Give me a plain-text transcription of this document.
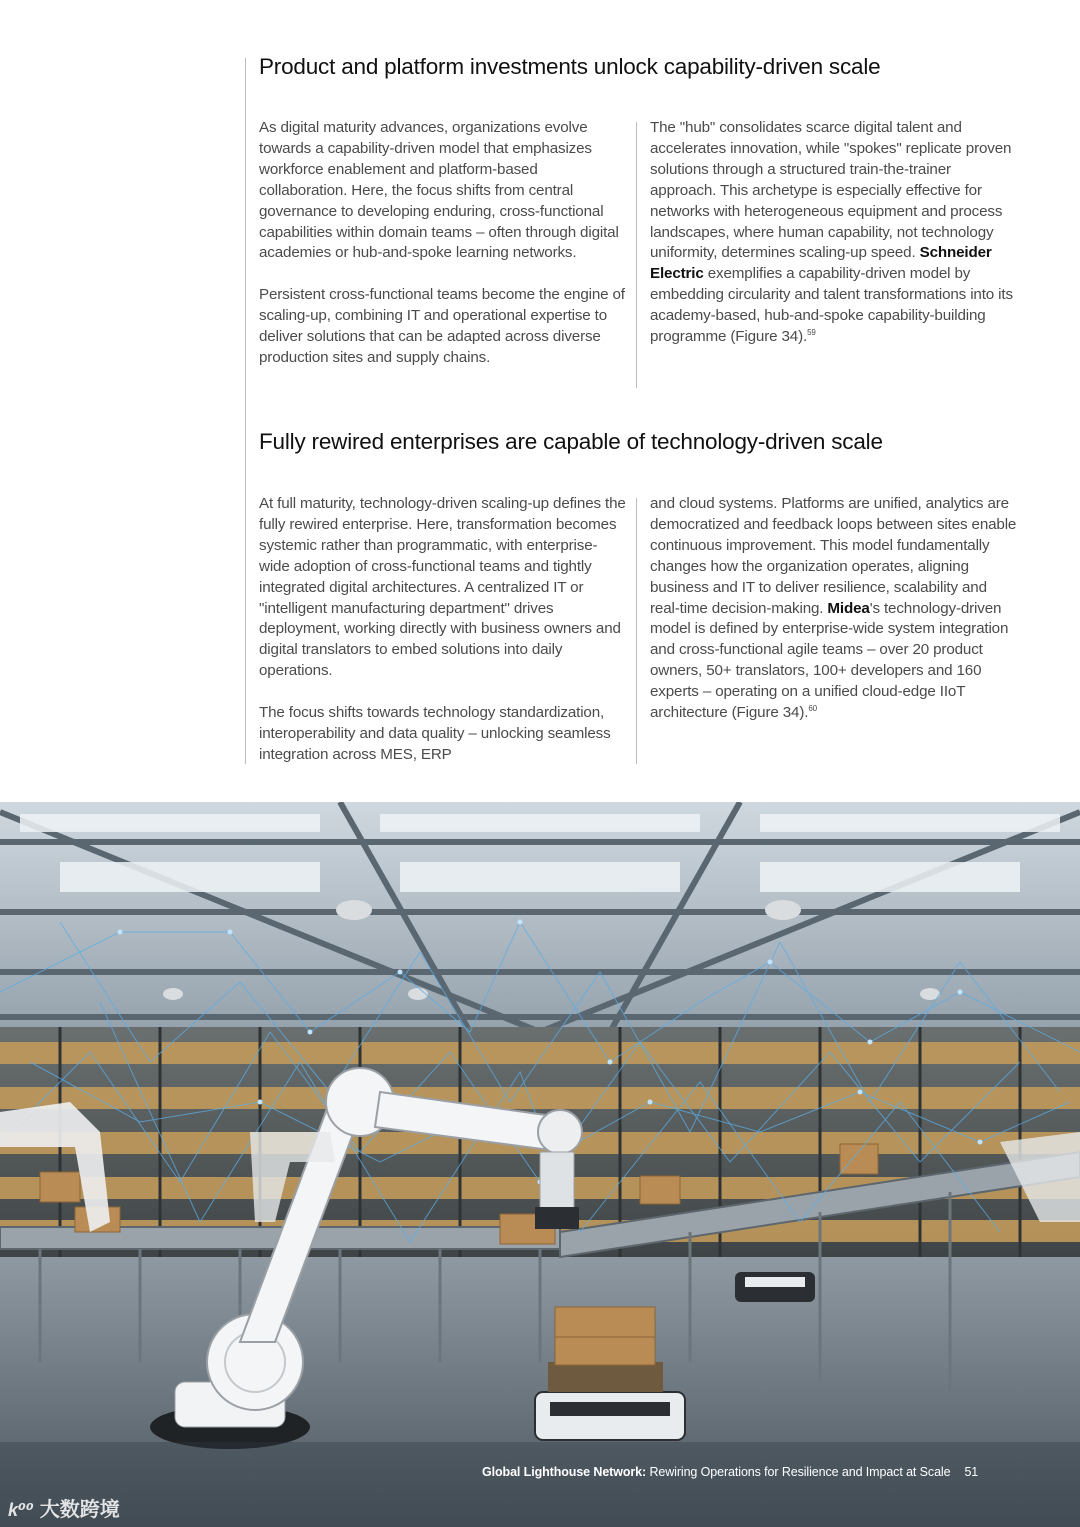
Product and platform investments unlock capability-driven scale

As digital maturity advances, organizations evolve towards a capability-driven model that emphasizes workforce enablement and platform-based collaboration. Here, the focus shifts from central governance to developing enduring, cross-functional capabilities within domain teams – often through digital academies or hub-and-spoke learning networks.

Persistent cross-functional teams become the engine of scaling-up, combining IT and operational expertise to deliver solutions that can be adapted across diverse production sites and supply chains.

The "hub" consolidates scarce digital talent and accelerates innovation, while "spokes" replicate proven solutions through a structured train-the-trainer approach. This archetype is especially effective for networks with heterogeneous equipment and process landscapes, where human capability, not technology uniformity, determines scaling-up speed. Schneider Electric exemplifies a capability-driven model by embedding circularity and talent transformations into its academy-based, hub-and-spoke capability-building programme (Figure 34).$^{59}$

Fully rewired enterprises are capable of technology-driven scale

At full maturity, technology-driven scaling-up defines the fully rewired enterprise. Here, transformation becomes systemic rather than programmatic, with enterprise-wide adoption of cross-functional teams and tightly integrated digital architectures. A centralized IT or "intelligent manufacturing department" drives deployment, working directly with business owners and digital translators to embed solutions into daily operations.

The focus shifts towards technology standardization, interoperability and data quality – unlocking seamless integration across MES, ERP

and cloud systems. Platforms are unified, analytics are democratized and feedback loops between sites enable continuous improvement. This model fundamentally changes how the organization operates, aligning business and IT to deliver resilience, scalability and real-time decision-making. Midea's technology-driven model is defined by enterprise-wide system integration and cross-functional agile teams – over 20 product owners, 50+ translators, 100+ developers and 160 experts – operating on a unified cloud-edge IIoT architecture (Figure 34).$^{60}$

Global Lighthouse Network: Rewiring Operations for Resilience and Impact at Scale 51
k⁰⁰ 大数跨境
